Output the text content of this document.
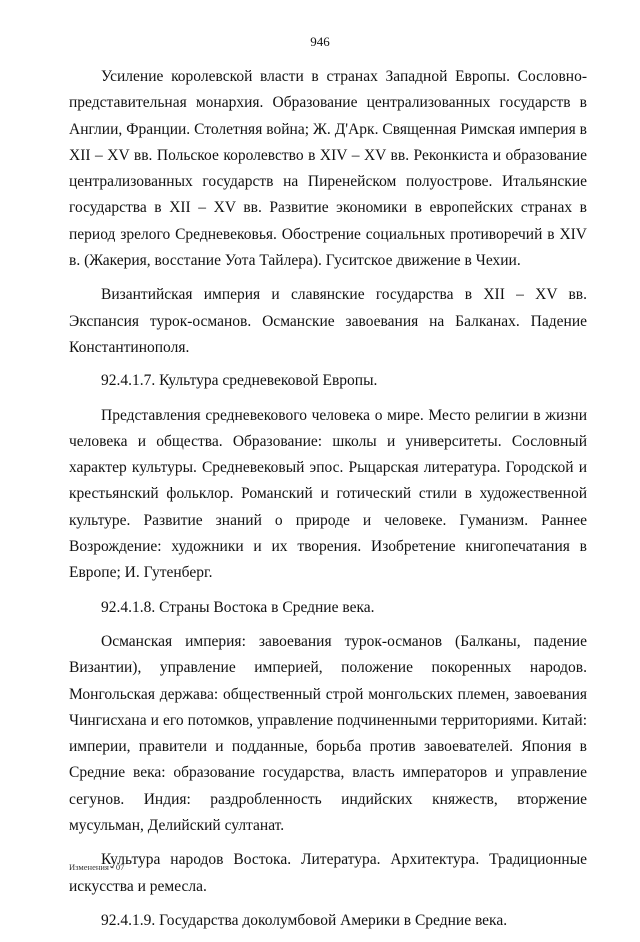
946

Усиление королевской власти в странах Западной Европы. Сословно-представительная монархия. Образование централизованных государств в Англии, Франции. Столетняя война; Ж. Д'Арк. Священная Римская империя в XII – XV вв. Польское королевство в XIV – XV вв. Реконкиста и образование централизованных государств на Пиренейском полуострове. Итальянские государства в XII – XV вв. Развитие экономики в европейских странах в период зрелого Средневековья. Обострение социальных противоречий в XIV в. (Жакерия, восстание Уота Тайлера). Гуситское движение в Чехии.

Византийская империя и славянские государства в XII – XV вв. Экспансия турок-османов. Османские завоевания на Балканах. Падение Константинополя.

92.4.1.7. Культура средневековой Европы.

Представления средневекового человека о мире. Место религии в жизни человека и общества. Образование: школы и университеты. Сословный характер культуры. Средневековый эпос. Рыцарская литература. Городской и крестьянский фольклор. Романский и готический стили в художественной культуре. Развитие знаний о природе и человеке. Гуманизм. Раннее Возрождение: художники и их творения. Изобретение книгопечатания в Европе; И. Гутенберг.

92.4.1.8. Страны Востока в Средние века.

Османская империя: завоевания турок-османов (Балканы, падение Византии), управление империей, положение покоренных народов. Монгольская держава: общественный строй монгольских племен, завоевания Чингисхана и его потомков, управление подчиненными территориями. Китай: империи, правители и подданные, борьба против завоевателей. Япония в Средние века: образование государства, власть императоров и управление сегунов. Индия: раздробленность индийских княжеств, вторжение мусульман, Делийский султанат.

Культура народов Востока. Литература. Архитектура. Традиционные искусства и ремесла.

92.4.1.9. Государства доколумбовой Америки в Средние века.

Изменения - 07
